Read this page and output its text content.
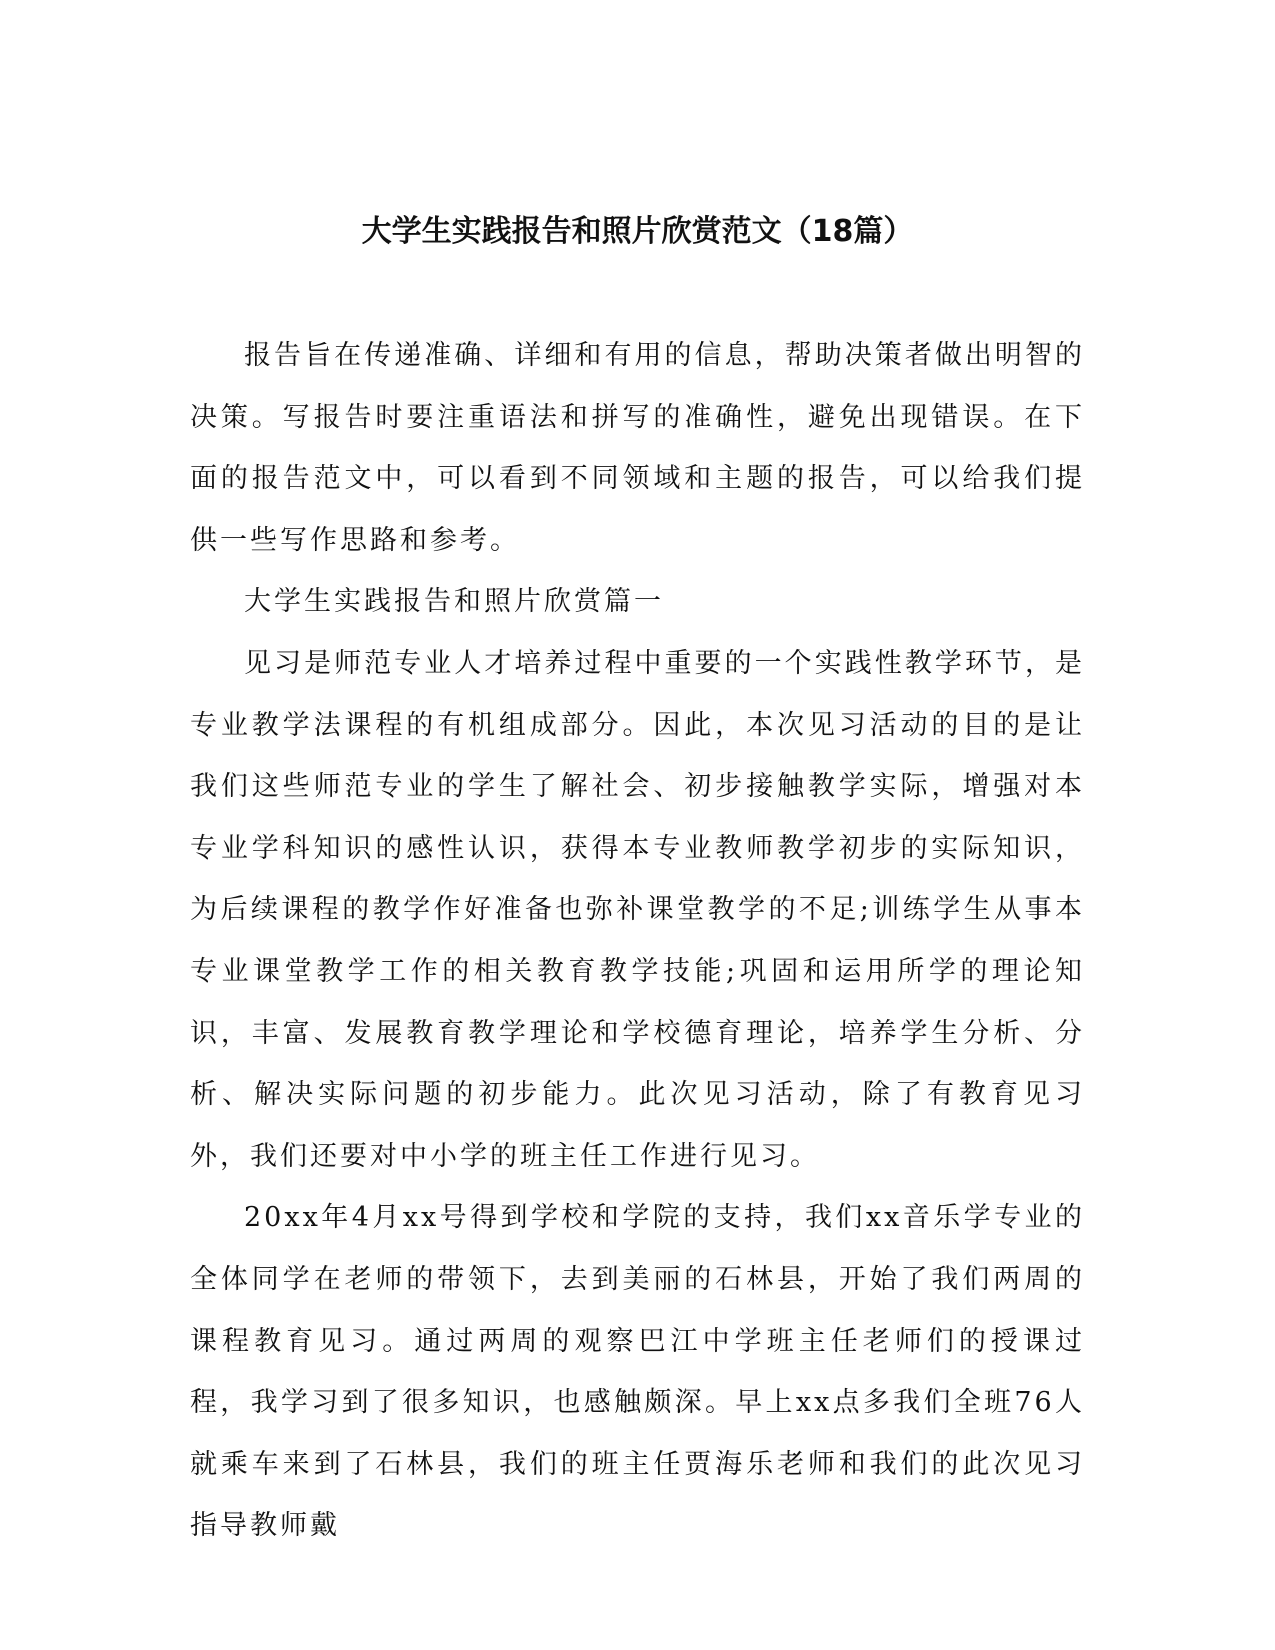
大学生实践报告和照片欣赏范文（18篇）

报告旨在传递准确、详细和有用的信息，帮助决策者做出明智的决策。写报告时要注重语法和拼写的准确性，避免出现错误。在下面的报告范文中，可以看到不同领域和主题的报告，可以给我们提供一些写作思路和参考。

大学生实践报告和照片欣赏篇一

见习是师范专业人才培养过程中重要的一个实践性教学环节，是专业教学法课程的有机组成部分。因此，本次见习活动的目的是让我们这些师范专业的学生了解社会、初步接触教学实际，增强对本专业学科知识的感性认识，获得本专业教师教学初步的实际知识，为后续课程的教学作好准备也弥补课堂教学的不足;训练学生从事本专业课堂教学工作的相关教育教学技能;巩固和运用所学的理论知识，丰富、发展教育教学理论和学校德育理论，培养学生分析、分析、解决实际问题的初步能力。此次见习活动，除了有教育见习外，我们还要对中小学的班主任工作进行见习。

20xx年4月xx号得到学校和学院的支持，我们xx音乐学专业的全体同学在老师的带领下，去到美丽的石林县，开始了我们两周的课程教育见习。通过两周的观察巴江中学班主任老师们的授课过程，我学习到了很多知识，也感触颇深。早上xx点多我们全班76人就乘车来到了石林县，我们的班主任贾海乐老师和我们的此次见习指导教师戴
